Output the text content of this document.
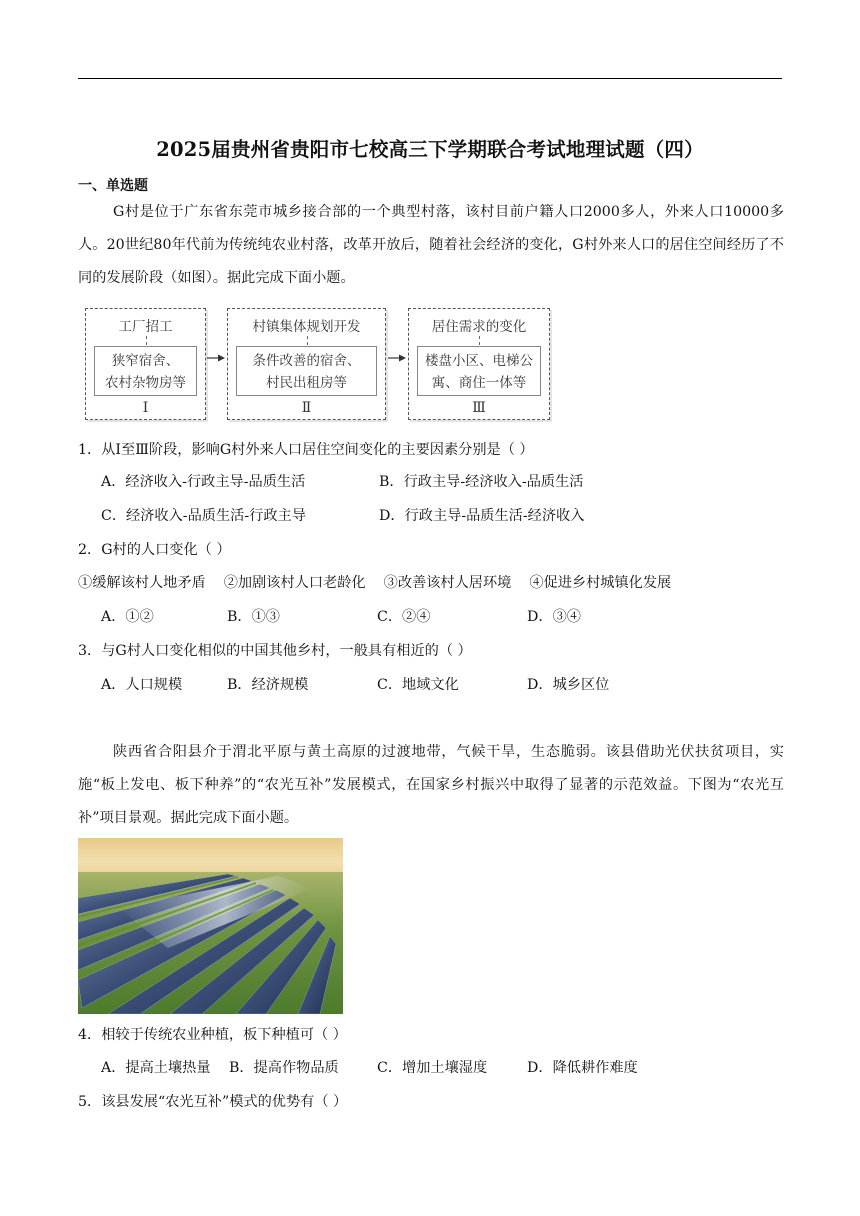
2025届贵州省贵阳市七校高三下学期联合考试地理试题（四）
一、单选题
G村是位于广东省东莞市城乡接合部的一个典型村落，该村目前户籍人口2000多人，外来人口10000多人。20世纪80年代前为传统纯农业村落，改革开放后，随着社会经济的变化，G村外来人口的居住空间经历了不同的发展阶段（如图）。据此完成下面小题。
工厂招工
狭窄宿舍、
农村杂物房等
Ⅰ
村镇集体规划开发
条件改善的宿舍、
村民出租房等
Ⅱ
居住需求的变化
楼盘小区、电梯公
寓、商住一体等
Ⅲ
1．从Ⅰ至Ⅲ阶段，影响G村外来人口居住空间变化的主要因素分别是（ ）
A．经济收入-行政主导-品质生活	B．行政主导-经济收入-品质生活
C．经济收入-品质生活-行政主导	D．行政主导-品质生活-经济收入
2．G村的人口变化（ ）
①缓解该村人地矛盾    ②加剧该村人口老龄化    ③改善该村人居环境    ④促进乡村城镇化发展
A．①②	B．①③	C．②④	D．③④
3．与G村人口变化相似的中国其他乡村，一般具有相近的（ ）
A．人口规模	B．经济规模	C．地域文化	D．城乡区位
陕西省合阳县介于渭北平原与黄土高原的过渡地带，气候干旱，生态脆弱。该县借助光伏扶贫项目，实施“板上发电、板下种养”的“农光互补”发展模式，在国家乡村振兴中取得了显著的示范效益。下图为“农光互补”项目景观。据此完成下面小题。
4．相较于传统农业种植，板下种植可（ ）
A．提高土壤热量 B．提高作物品质	C．增加土壤湿度	D．降低耕作难度
5．该县发展“农光互补”模式的优势有（ ）
